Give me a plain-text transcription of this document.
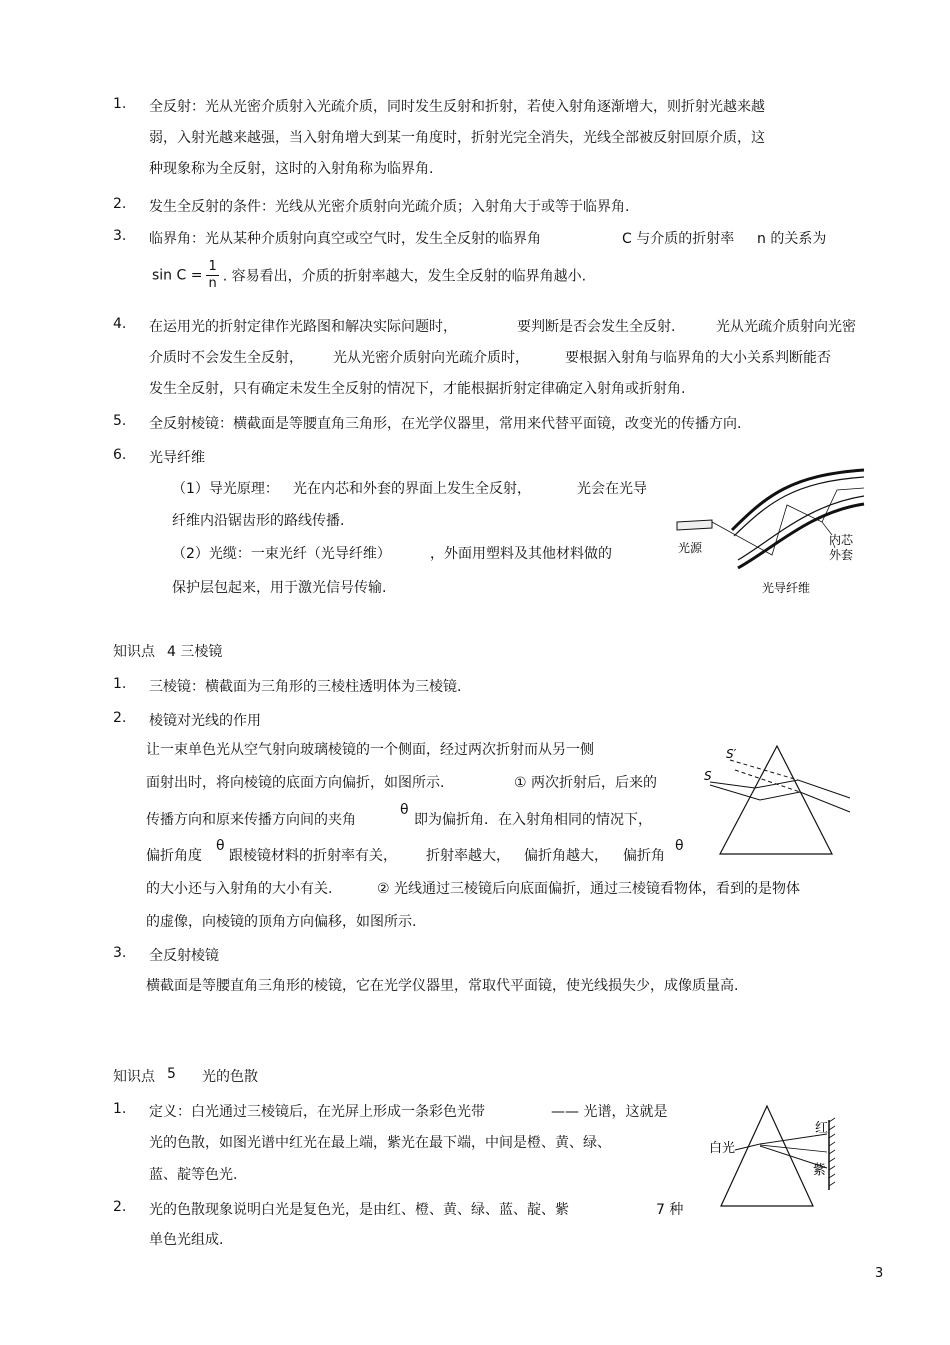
1. 全反射：光从光密介质射入光疏介质，同时发生反射和折射，若使入射角逐渐增大，则折射光越来越
弱，入射光越来越强，当入射角增大到某一角度时，折射光完全消失，光线全部被反射回原介质，这
种现象称为全反射，这时的入射角称为临界角.
2. 发生全反射的条件：光线从光密介质射向光疏介质；入射角大于或等于临界角.
3. 临界角：光从某种介质射向真空或空气时，发生全反射的临界角	C 与介质的折射率 n 的关系为
$\sin C = \frac{1}{n}$ . 容易看出，介质的折射率越大，发生全反射的临界角越小.
4. 在运用光的折射定律作光路图和解决实际问题时，	要判断是否会发生全反射.	光从光疏介质射向光密
介质时不会发生全反射， 光从光密介质射向光疏介质时，	要根据入射角与临界角的大小关系判断能否
发生全反射，只有确定未发生全反射的情况下，才能根据折射定律确定入射角或折射角.
5. 全反射棱镜：横截面是等腰直角三角形，在光学仪器里，常用来代替平面镜，改变光的传播方向.
6. 光导纤维
（1）导光原理： 光在内芯和外套的界面上发生全反射，	光会在光导
纤维内沿锯齿形的路线传播.
（2）光缆：一束光纤（光导纤维）	，外面用塑料及其他材料做的
保护层包起来，用于激光信号传输.
光源
内芯
外套
光导纤维
知识点 4 三棱镜
1. 三棱镜：横截面为三角形的三棱柱透明体为三棱镜.
2. 棱镜对光线的作用
让一束单色光从空气射向玻璃棱镜的一个侧面，经过两次折射而从另一侧
面射出时，将向棱镜的底面方向偏折，如图所示.	① 两次折射后，后来的
传播方向和原来传播方向间的夹角
θ
即为偏折角．在入射角相同的情况下，
偏折角度
θ
跟棱镜材料的折射率有关， 折射率越大， 偏折角越大， 偏折角
θ
的大小还与入射角的大小有关.	② 光线通过三棱镜后向底面偏折，通过三棱镜看物体，看到的是物体
的虚像，向棱镜的顶角方向偏移，如图所示.
S′
S
3. 全反射棱镜
横截面是等腰直角三角形的棱镜，它在光学仪器里，常取代平面镜，使光线损失少，成像质量高.
知识点 5 光的色散
1. 定义：白光通过三棱镜后，在光屏上形成一条彩色光带	—— 光谱，这就是
光的色散，如图光谱中红光在最上端，紫光在最下端，中间是橙、黄、绿、
蓝、靛等色光.
2. 光的色散现象说明白光是复色光，是由红、橙、黄、绿、蓝、靛、紫	7 种
单色光组成.
白光
红
紫
3
